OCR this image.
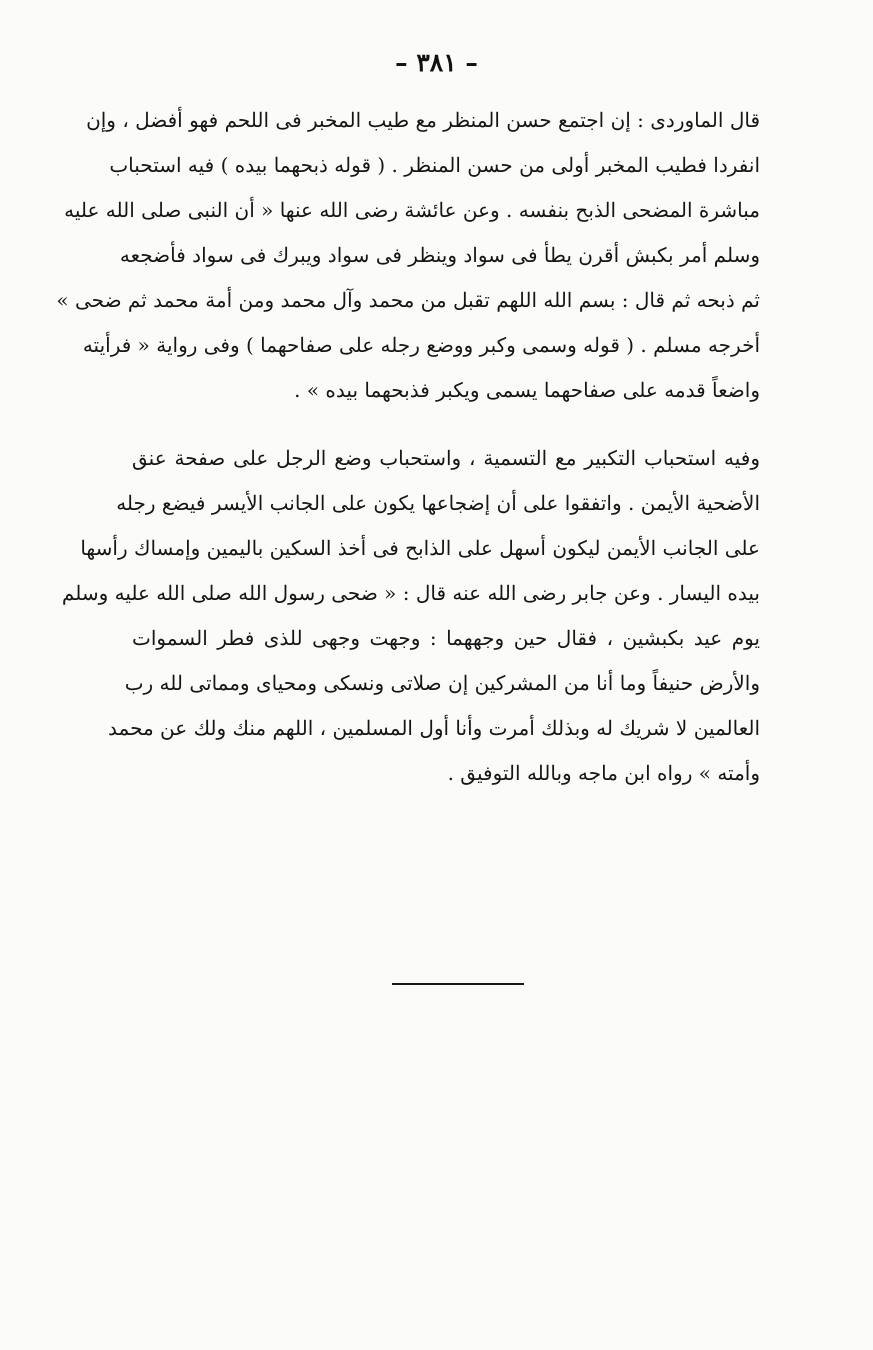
– ٣٨١ –
قال الماوردى : إن اجتمع حسن المنظر مع طيب المخبر فى اللحم فهو أفضل ، وإن
انفردا فطيب المخبر أولى من حسن المنظر . ( قوله ذبحهما بيده ) فيه استحباب
مباشرة المضحى الذبح بنفسه . وعن عائشة رضى الله عنها « أن النبى صلى الله عليه
وسلم أمر بكبش أقرن يطأ فى سواد وينظر فى سواد ويبرك فى سواد فأضجعه
ثم ذبحه ثم قال : بسم الله اللهم تقبل من محمد وآل محمد ومن أمة محمد ثم ضحى »
أخرجه مسلم . ( قوله وسمى وكبر ووضع رجله على صفاحهما ) وفى رواية « فرأيته
واضعاً قدمه على صفاحهما يسمى ويكبر فذبحهما بيده » .
وفيه استحباب التكبير مع التسمية ، واستحباب وضع الرجل على صفحة عنق
الأضحية الأيمن . واتفقوا على أن إضجاعها يكون على الجانب الأيسر فيضع رجله
على الجانب الأيمن ليكون أسهل على الذابح فى أخذ السكين باليمين وإمساك رأسها
بيده اليسار . وعن جابر رضى الله عنه قال : « ضحى رسول الله صلى الله عليه وسلم
يوم عيد بكبشين ، فقال حين وجههما : وجهت وجهى للذى فطر السموات
والأرض حنيفاً وما أنا من المشركين إن صلاتى ونسكى ومحياى ومماتى لله رب
العالمين لا شريك له وبذلك أمرت وأنا أول المسلمين ، اللهم منك ولك عن محمد
وأمته » رواه ابن ماجه وبالله التوفيق .
